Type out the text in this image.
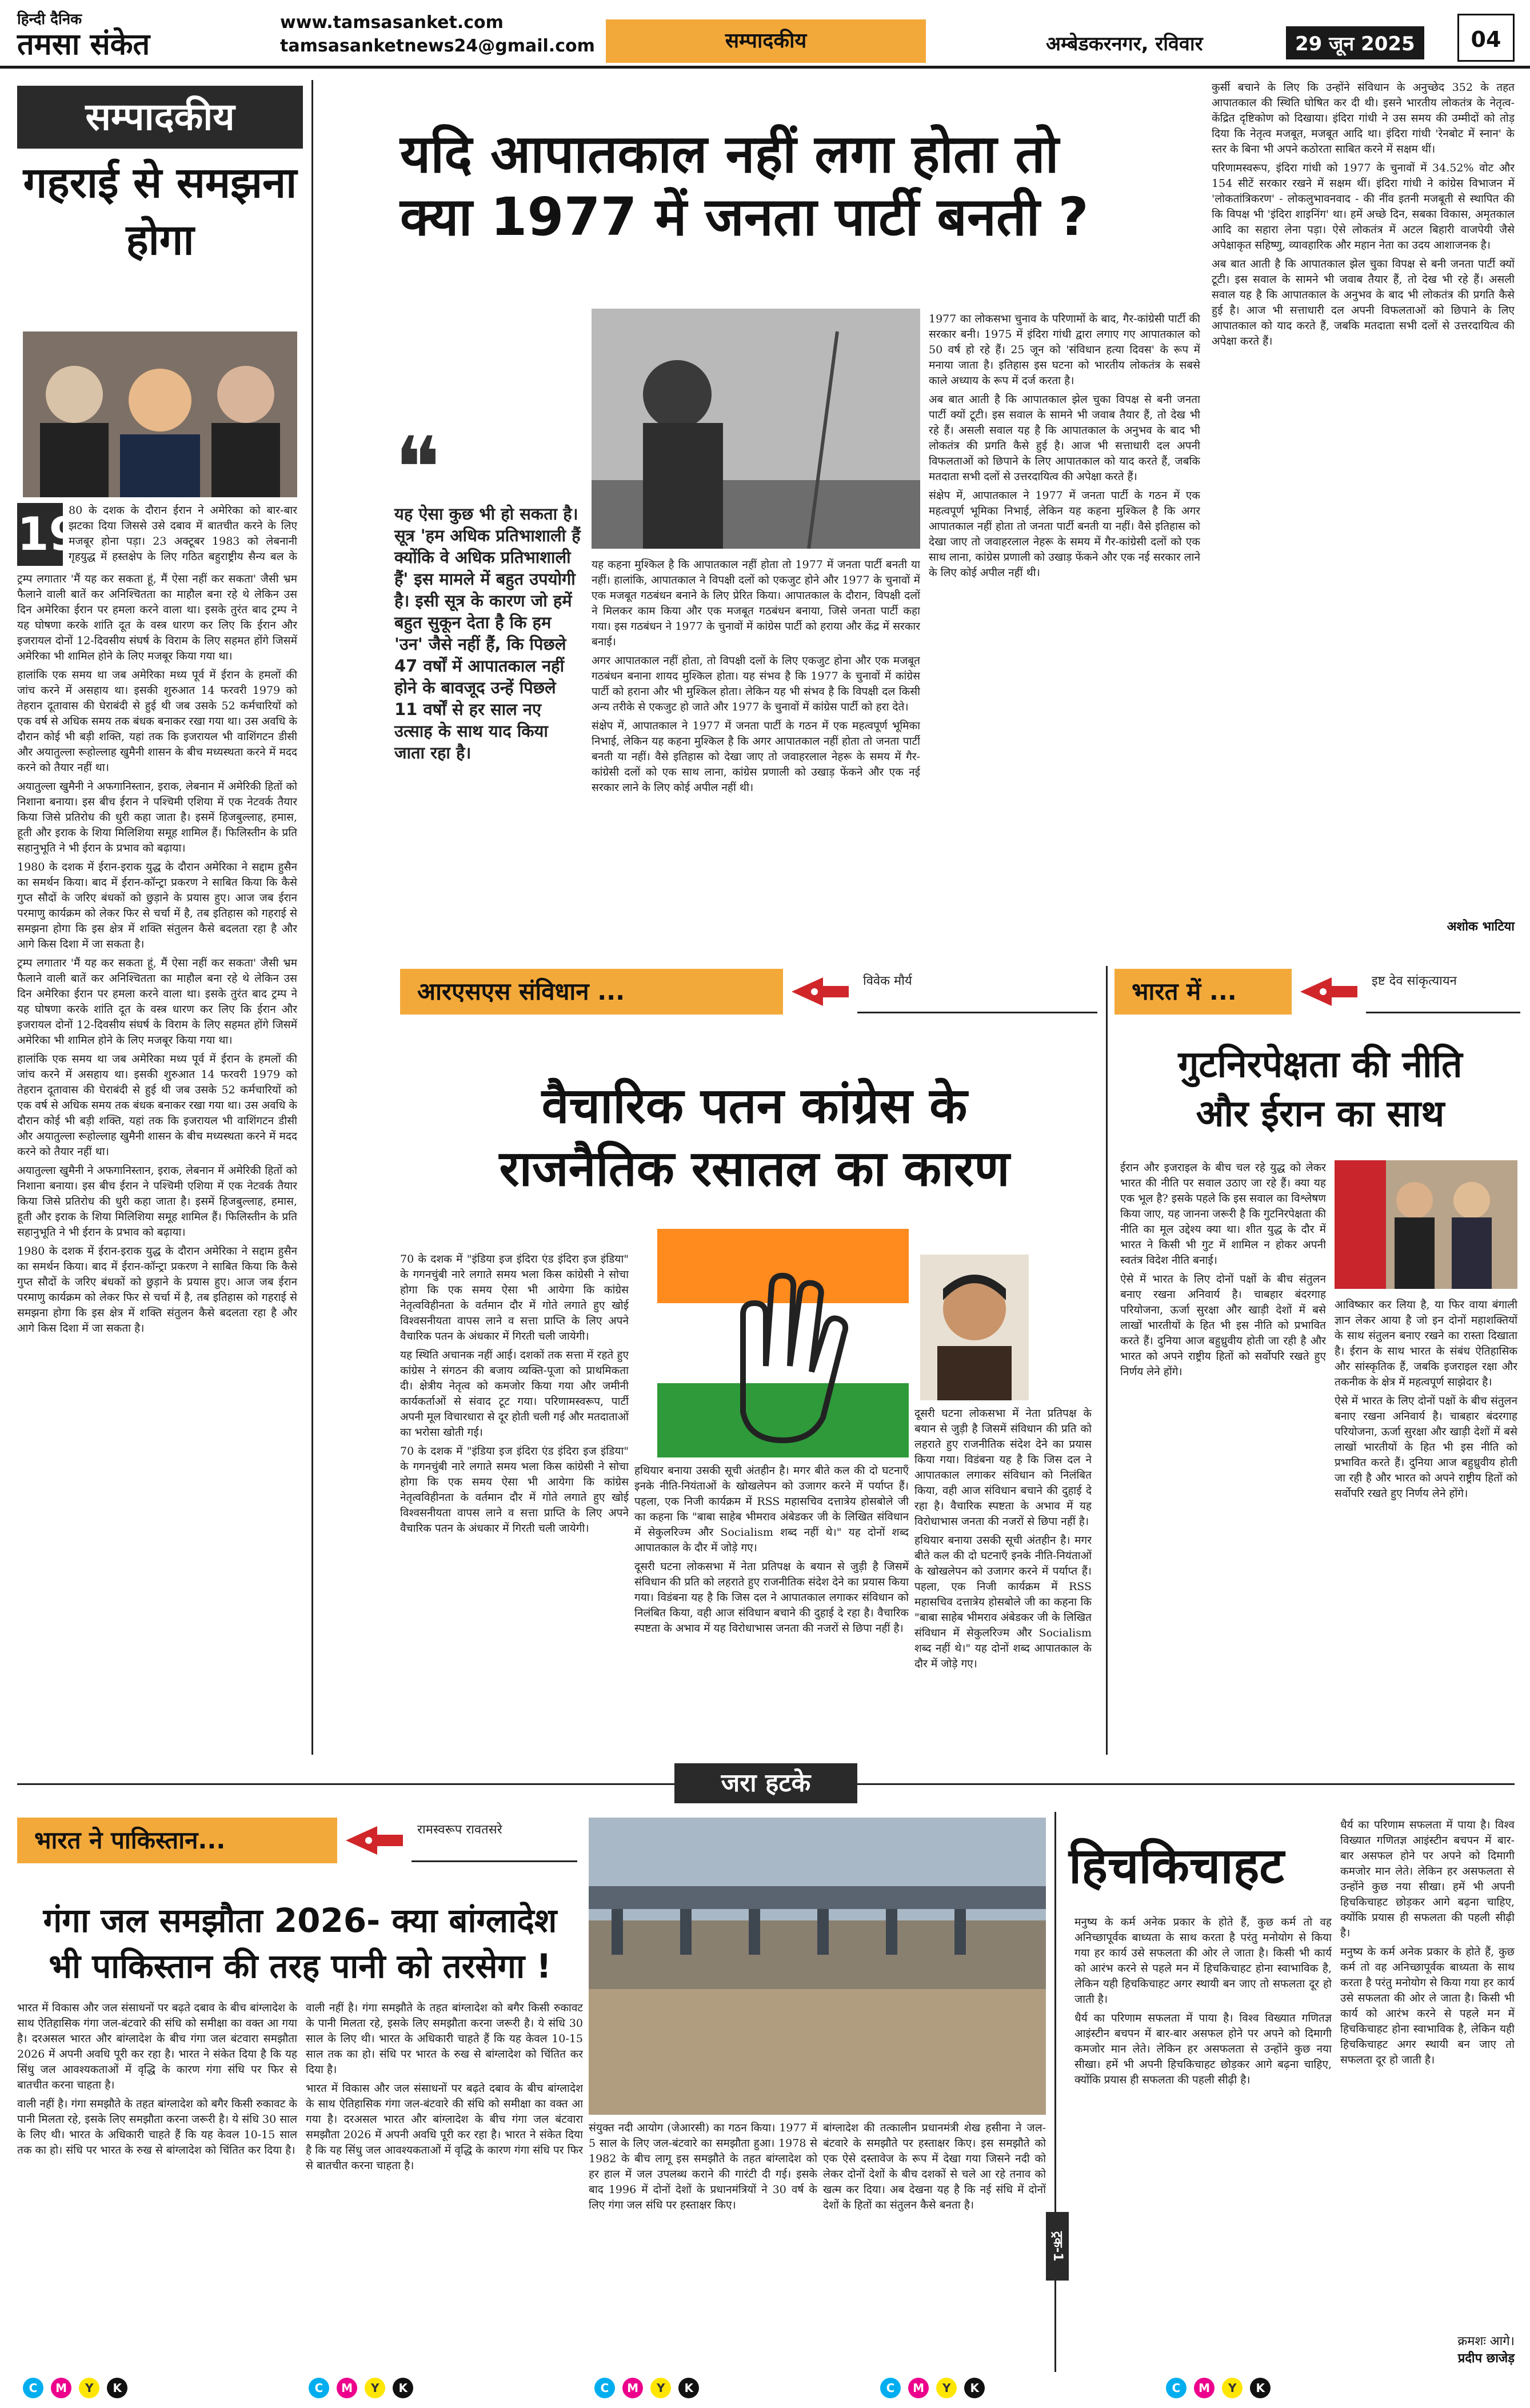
हिन्दी दैनिक
तमसा संकेत
www.tamsasanket.com
tamsasanketnews24@gmail.com	सम्पादकीय	अम्बेडकरनगर, रविवार	29 जून 2025	04
सम्पादकीय
गहराई से समझना होगा
19

80 के दशक के दौरान ईरान ने अमेरिका को बार-बार झटका दिया जिससे उसे दबाव में बातचीत करने के लिए मजबूर होना पड़ा। 23 अक्टूबर 1983 को लेबनानी गृहयुद्ध में हस्तक्षेप के लिए गठित बहुराष्ट्रीय सैन्य बल के

ट्रम्प लगातार 'मैं यह कर सकता हूं, मैं ऐसा नहीं कर सकता' जैसी भ्रम फैलाने वाली बातें कर अनिश्चितता का माहौल बना रहे थे लेकिन उस दिन अमेरिका ईरान पर हमला करने वाला था। इसके तुरंत बाद ट्रम्प ने यह घोषणा करके शांति दूत के वस्त्र धारण कर लिए कि ईरान और इजरायल दोनों 12-दिवसीय संघर्ष के विराम के लिए सहमत होंगे जिसमें अमेरिका भी शामिल होने के लिए मजबूर किया गया था।

हालांकि एक समय था जब अमेरिका मध्य पूर्व में ईरान के हमलों की जांच करने में असहाय था। इसकी शुरुआत 14 फरवरी 1979 को तेहरान दूतावास की घेराबंदी से हुई थी जब उसके 52 कर्मचारियों को एक वर्ष से अधिक समय तक बंधक बनाकर रखा गया था। उस अवधि के दौरान कोई भी बड़ी शक्ति, यहां तक कि इजरायल भी वाशिंगटन डीसी और अयातुल्ला रूहोल्लाह खुमैनी शासन के बीच मध्यस्थता करने में मदद करने को तैयार नहीं था।

अयातुल्ला खुमैनी ने अफगानिस्तान, इराक, लेबनान में अमेरिकी हितों को निशाना बनाया। इस बीच ईरान ने पश्चिमी एशिया में एक नेटवर्क तैयार किया जिसे प्रतिरोध की धुरी कहा जाता है। इसमें हिजबुल्लाह, हमास, हूती और इराक के शिया मिलिशिया समूह शामिल हैं। फिलिस्तीन के प्रति सहानुभूति ने भी ईरान के प्रभाव को बढ़ाया।

1980 के दशक में ईरान-इराक युद्ध के दौरान अमेरिका ने सद्दाम हुसैन का समर्थन किया। बाद में ईरान-कॉन्ट्रा प्रकरण ने साबित किया कि कैसे गुप्त सौदों के जरिए बंधकों को छुड़ाने के प्रयास हुए। आज जब ईरान परमाणु कार्यक्रम को लेकर फिर से चर्चा में है, तब इतिहास को गहराई से समझना होगा कि इस क्षेत्र में शक्ति संतुलन कैसे बदलता रहा है और आगे किस दिशा में जा सकता है।

ट्रम्प लगातार 'मैं यह कर सकता हूं, मैं ऐसा नहीं कर सकता' जैसी भ्रम फैलाने वाली बातें कर अनिश्चितता का माहौल बना रहे थे लेकिन उस दिन अमेरिका ईरान पर हमला करने वाला था। इसके तुरंत बाद ट्रम्प ने यह घोषणा करके शांति दूत के वस्त्र धारण कर लिए कि ईरान और इजरायल दोनों 12-दिवसीय संघर्ष के विराम के लिए सहमत होंगे जिसमें अमेरिका भी शामिल होने के लिए मजबूर किया गया था।

हालांकि एक समय था जब अमेरिका मध्य पूर्व में ईरान के हमलों की जांच करने में असहाय था। इसकी शुरुआत 14 फरवरी 1979 को तेहरान दूतावास की घेराबंदी से हुई थी जब उसके 52 कर्मचारियों को एक वर्ष से अधिक समय तक बंधक बनाकर रखा गया था। उस अवधि के दौरान कोई भी बड़ी शक्ति, यहां तक कि इजरायल भी वाशिंगटन डीसी और अयातुल्ला रूहोल्लाह खुमैनी शासन के बीच मध्यस्थता करने में मदद करने को तैयार नहीं था।

अयातुल्ला खुमैनी ने अफगानिस्तान, इराक, लेबनान में अमेरिकी हितों को निशाना बनाया। इस बीच ईरान ने पश्चिमी एशिया में एक नेटवर्क तैयार किया जिसे प्रतिरोध की धुरी कहा जाता है। इसमें हिजबुल्लाह, हमास, हूती और इराक के शिया मिलिशिया समूह शामिल हैं। फिलिस्तीन के प्रति सहानुभूति ने भी ईरान के प्रभाव को बढ़ाया।

1980 के दशक में ईरान-इराक युद्ध के दौरान अमेरिका ने सद्दाम हुसैन का समर्थन किया। बाद में ईरान-कॉन्ट्रा प्रकरण ने साबित किया कि कैसे गुप्त सौदों के जरिए बंधकों को छुड़ाने के प्रयास हुए। आज जब ईरान परमाणु कार्यक्रम को लेकर फिर से चर्चा में है, तब इतिहास को गहराई से समझना होगा कि इस क्षेत्र में शक्ति संतुलन कैसे बदलता रहा है और आगे किस दिशा में जा सकता है।

यदि आपातकाल नहीं लगा होता तो
क्या 1977 में जनता पार्टी बनती ?
❝
यह ऐसा कुछ भी हो सकता है। सूत्र 'हम अधिक प्रतिभाशाली हैं क्योंकि वे अधिक प्रतिभाशाली हैं' इस मामले में बहुत उपयोगी है। इसी सूत्र के कारण जो हमें बहुत सुकून देता है कि हम 'उन' जैसे नहीं हैं, कि पिछले 47 वर्षों में आपातकाल नहीं होने के बावजूद उन्हें पिछले 11 वर्षों से हर साल नए उत्साह के साथ याद किया जाता रहा है।

यह कहना मुश्किल है कि आपातकाल नहीं होता तो 1977 में जनता पार्टी बनती या नहीं। हालांकि, आपातकाल ने विपक्षी दलों को एकजुट होने और 1977 के चुनावों में एक मजबूत गठबंधन बनाने के लिए प्रेरित किया। आपातकाल के दौरान, विपक्षी दलों ने मिलकर काम किया और एक मजबूत गठबंधन बनाया, जिसे जनता पार्टी कहा गया। इस गठबंधन ने 1977 के चुनावों में कांग्रेस पार्टी को हराया और केंद्र में सरकार बनाई।

अगर आपातकाल नहीं होता, तो विपक्षी दलों के लिए एकजुट होना और एक मजबूत गठबंधन बनाना शायद मुश्किल होता। यह संभव है कि 1977 के चुनावों में कांग्रेस पार्टी को हराना और भी मुश्किल होता। लेकिन यह भी संभव है कि विपक्षी दल किसी अन्य तरीके से एकजुट हो जाते और 1977 के चुनावों में कांग्रेस पार्टी को हरा देते।

संक्षेप में, आपातकाल ने 1977 में जनता पार्टी के गठन में एक महत्वपूर्ण भूमिका निभाई, लेकिन यह कहना मुश्किल है कि अगर आपातकाल नहीं होता तो जनता पार्टी बनती या नहीं। वैसे इतिहास को देखा जाए तो जवाहरलाल नेहरू के समय में गैर-कांग्रेसी दलों को एक साथ लाना, कांग्रेस प्रणाली को उखाड़ फेंकने और एक नई सरकार लाने के लिए कोई अपील नहीं थी।

1977 का लोकसभा चुनाव के परिणामों के बाद, गैर-कांग्रेसी पार्टी की सरकार बनी। 1975 में इंदिरा गांधी द्वारा लगाए गए आपातकाल को 50 वर्ष हो रहे हैं। 25 जून को 'संविधान हत्या दिवस' के रूप में मनाया जाता है। इतिहास इस घटना को भारतीय लोकतंत्र के सबसे काले अध्याय के रूप में दर्ज करता है।

अब बात आती है कि आपातकाल झेल चुका विपक्ष से बनी जनता पार्टी क्यों टूटी। इस सवाल के सामने भी जवाब तैयार हैं, तो देख भी रहे हैं। असली सवाल यह है कि आपातकाल के अनुभव के बाद भी लोकतंत्र की प्रगति कैसे हुई है। आज भी सत्ताधारी दल अपनी विफलताओं को छिपाने के लिए आपातकाल को याद करते हैं, जबकि मतदाता सभी दलों से उत्तरदायित्व की अपेक्षा करते हैं।

संक्षेप में, आपातकाल ने 1977 में जनता पार्टी के गठन में एक महत्वपूर्ण भूमिका निभाई, लेकिन यह कहना मुश्किल है कि अगर आपातकाल नहीं होता तो जनता पार्टी बनती या नहीं। वैसे इतिहास को देखा जाए तो जवाहरलाल नेहरू के समय में गैर-कांग्रेसी दलों को एक साथ लाना, कांग्रेस प्रणाली को उखाड़ फेंकने और एक नई सरकार लाने के लिए कोई अपील नहीं थी।

कुर्सी बचाने के लिए कि उन्होंने संविधान के अनुच्छेद 352 के तहत आपातकाल की स्थिति घोषित कर दी थी। इसने भारतीय लोकतंत्र के नेतृत्व-केंद्रित दृष्टिकोण को दिखाया। इंदिरा गांधी ने उस समय की उम्मीदों को तोड़ दिया कि नेतृत्व मजबूत, मजबूत आदि था। इंदिरा गांधी 'रेनबोट में स्नान' के स्तर के बिना भी अपने कठोरता साबित करने में सक्षम थीं।

परिणामस्वरूप, इंदिरा गांधी को 1977 के चुनावों में 34.52% वोट और 154 सीटें सरकार रखने में सक्षम थीं। इंदिरा गांधी ने कांग्रेस विभाजन में 'लोकतांत्रिकरण' - लोकलुभावनवाद - की नींव इतनी मजबूती से स्थापित की कि विपक्ष भी 'इंदिरा शाइनिंग' था। हमें अच्छे दिन, सबका विकास, अमृतकाल आदि का सहारा लेना पड़ा। ऐसे लोकतंत्र में अटल बिहारी वाजपेयी जैसे अपेक्षाकृत सहिष्णु, व्यावहारिक और महान नेता का उदय आशाजनक है।

अब बात आती है कि आपातकाल झेल चुका विपक्ष से बनी जनता पार्टी क्यों टूटी। इस सवाल के सामने भी जवाब तैयार हैं, तो देख भी रहे हैं। असली सवाल यह है कि आपातकाल के अनुभव के बाद भी लोकतंत्र की प्रगति कैसे हुई है। आज भी सत्ताधारी दल अपनी विफलताओं को छिपाने के लिए आपातकाल को याद करते हैं, जबकि मतदाता सभी दलों से उत्तरदायित्व की अपेक्षा करते हैं।

अशोक भाटिया
आरएसएस संविधान ...	विवेक मौर्य
वैचारिक पतन कांग्रेस के
राजनैतिक रसातल का कारण

70 के दशक में "इंडिया इज इंदिरा एंड इंदिरा इज इंडिया" के गगनचुंबी नारे लगाते समय भला किस कांग्रेसी ने सोचा होगा कि एक समय ऐसा भी आयेगा कि कांग्रेस नेतृत्वविहीनता के वर्तमान दौर में गोते लगाते हुए खोई विश्वसनीयता वापस लाने व सत्ता प्राप्ति के लिए अपने वैचारिक पतन के अंधकार में गिरती चली जायेगी।

यह स्थिति अचानक नहीं आई। दशकों तक सत्ता में रहते हुए कांग्रेस ने संगठन की बजाय व्यक्ति-पूजा को प्राथमिकता दी। क्षेत्रीय नेतृत्व को कमजोर किया गया और जमीनी कार्यकर्ताओं से संवाद टूट गया। परिणामस्वरूप, पार्टी अपनी मूल विचारधारा से दूर होती चली गई और मतदाताओं का भरोसा खोती गई।

70 के दशक में "इंडिया इज इंदिरा एंड इंदिरा इज इंडिया" के गगनचुंबी नारे लगाते समय भला किस कांग्रेसी ने सोचा होगा कि एक समय ऐसा भी आयेगा कि कांग्रेस नेतृत्वविहीनता के वर्तमान दौर में गोते लगाते हुए खोई विश्वसनीयता वापस लाने व सत्ता प्राप्ति के लिए अपने वैचारिक पतन के अंधकार में गिरती चली जायेगी।

हथियार बनाया उसकी सूची अंतहीन है। मगर बीते कल की दो घटनाएँ इनके नीति-नियंताओं के खोखलेपन को उजागर करने में पर्याप्त हैं। पहला, एक निजी कार्यक्रम में RSS महासचिव दत्तात्रेय होसबोले जी का कहना कि "बाबा साहेब भीमराव अंबेडकर जी के लिखित संविधान में सेकुलरिज्म और Socialism शब्द नहीं थे।" यह दोनों शब्द आपातकाल के दौर में जोड़े गए।

दूसरी घटना लोकसभा में नेता प्रतिपक्ष के बयान से जुड़ी है जिसमें संविधान की प्रति को लहराते हुए राजनीतिक संदेश देने का प्रयास किया गया। विडंबना यह है कि जिस दल ने आपातकाल लगाकर संविधान को निलंबित किया, वही आज संविधान बचाने की दुहाई दे रहा है। वैचारिक स्पष्टता के अभाव में यह विरोधाभास जनता की नजरों से छिपा नहीं है।

दूसरी घटना लोकसभा में नेता प्रतिपक्ष के बयान से जुड़ी है जिसमें संविधान की प्रति को लहराते हुए राजनीतिक संदेश देने का प्रयास किया गया। विडंबना यह है कि जिस दल ने आपातकाल लगाकर संविधान को निलंबित किया, वही आज संविधान बचाने की दुहाई दे रहा है। वैचारिक स्पष्टता के अभाव में यह विरोधाभास जनता की नजरों से छिपा नहीं है।

हथियार बनाया उसकी सूची अंतहीन है। मगर बीते कल की दो घटनाएँ इनके नीति-नियंताओं के खोखलेपन को उजागर करने में पर्याप्त हैं। पहला, एक निजी कार्यक्रम में RSS महासचिव दत्तात्रेय होसबोले जी का कहना कि "बाबा साहेब भीमराव अंबेडकर जी के लिखित संविधान में सेकुलरिज्म और Socialism शब्द नहीं थे।" यह दोनों शब्द आपातकाल के दौर में जोड़े गए।

भारत में ...	इष्ट देव सांकृत्यायन
गुटनिरपेक्षता की नीति
और ईरान का साथ

ईरान और इजराइल के बीच चल रहे युद्ध को लेकर भारत की नीति पर सवाल उठाए जा रहे हैं। क्या यह एक भूल है? इसके पहले कि इस सवाल का विश्लेषण किया जाए, यह जानना जरूरी है कि गुटनिरपेक्षता की नीति का मूल उद्देश्य क्या था। शीत युद्ध के दौर में भारत ने किसी भी गुट में शामिल न होकर अपनी स्वतंत्र विदेश नीति बनाई।

ऐसे में भारत के लिए दोनों पक्षों के बीच संतुलन बनाए रखना अनिवार्य है। चाबहार बंदरगाह परियोजना, ऊर्जा सुरक्षा और खाड़ी देशों में बसे लाखों भारतीयों के हित भी इस नीति को प्रभावित करते हैं। दुनिया आज बहुध्रुवीय होती जा रही है और भारत को अपने राष्ट्रीय हितों को सर्वोपरि रखते हुए निर्णय लेने होंगे।

आविष्कार कर लिया है, या फिर वाया बंगाली ज्ञान लेकर आया है जो इन दोनों महाशक्तियों के साथ संतुलन बनाए रखने का रास्ता दिखाता है। ईरान के साथ भारत के संबंध ऐतिहासिक और सांस्कृतिक हैं, जबकि इजराइल रक्षा और तकनीक के क्षेत्र में महत्वपूर्ण साझेदार है।

ऐसे में भारत के लिए दोनों पक्षों के बीच संतुलन बनाए रखना अनिवार्य है। चाबहार बंदरगाह परियोजना, ऊर्जा सुरक्षा और खाड़ी देशों में बसे लाखों भारतीयों के हित भी इस नीति को प्रभावित करते हैं। दुनिया आज बहुध्रुवीय होती जा रही है और भारत को अपने राष्ट्रीय हितों को सर्वोपरि रखते हुए निर्णय लेने होंगे।

जरा हटके
भारत ने पाकिस्तान...	रामस्वरूप रावतसरे
गंगा जल समझौता 2026- क्या बांग्लादेश
भी पाकिस्तान की तरह पानी को तरसेगा !

भारत में विकास और जल संसाधनों पर बढ़ते दबाव के बीच बांग्लादेश के साथ ऐतिहासिक गंगा जल-बंटवारे की संधि को समीक्षा का वक्त आ गया है। दरअसल भारत और बांग्लादेश के बीच गंगा जल बंटवारा समझौता 2026 में अपनी अवधि पूरी कर रहा है। भारत ने संकेत दिया है कि यह सिंधु जल आवश्यकताओं में वृद्धि के कारण गंगा संधि पर फिर से बातचीत करना चाहता है।

वाली नहीं है। गंगा समझौते के तहत बांग्लादेश को बगैर किसी रुकावट के पानी मिलता रहे, इसके लिए समझौता करना जरूरी है। ये संधि 30 साल के लिए थी। भारत के अधिकारी चाहते हैं कि यह केवल 10-15 साल तक का हो। संधि पर भारत के रुख से बांग्लादेश को चिंतित कर दिया है।

वाली नहीं है। गंगा समझौते के तहत बांग्लादेश को बगैर किसी रुकावट के पानी मिलता रहे, इसके लिए समझौता करना जरूरी है। ये संधि 30 साल के लिए थी। भारत के अधिकारी चाहते हैं कि यह केवल 10-15 साल तक का हो। संधि पर भारत के रुख से बांग्लादेश को चिंतित कर दिया है।

भारत में विकास और जल संसाधनों पर बढ़ते दबाव के बीच बांग्लादेश के साथ ऐतिहासिक गंगा जल-बंटवारे की संधि को समीक्षा का वक्त आ गया है। दरअसल भारत और बांग्लादेश के बीच गंगा जल बंटवारा समझौता 2026 में अपनी अवधि पूरी कर रहा है। भारत ने संकेत दिया है कि यह सिंधु जल आवश्यकताओं में वृद्धि के कारण गंगा संधि पर फिर से बातचीत करना चाहता है।

संयुक्त नदी आयोग (जेआरसी) का गठन किया। 1977 में 5 साल के लिए जल-बंटवारे का समझौता हुआ। 1978 से 1982 के बीच लागू इस समझौते के तहत बांग्लादेश को हर हाल में जल उपलब्ध कराने की गारंटी दी गई। इसके बाद 1996 में दोनों देशों के प्रधानमंत्रियों ने 30 वर्ष के लिए गंगा जल संधि पर हस्ताक्षर किए।

बांग्लादेश की तत्कालीन प्रधानमंत्री शेख हसीना ने जल-बंटवारे के समझौते पर हस्ताक्षर किए। इस समझौते को एक ऐसे दस्तावेज के रूप में देखा गया जिसने नदी को लेकर दोनों देशों के बीच दशकों से चले आ रहे तनाव को खत्म कर दिया। अब देखना यह है कि नई संधि में दोनों देशों के हितों का संतुलन कैसे बनता है।

हिचकिचाहट
ट्रक-1

मनुष्य के कर्म अनेक प्रकार के होते हैं, कुछ कर्म तो वह अनिच्छापूर्वक बाध्यता के साथ करता है परंतु मनोयोग से किया गया हर कार्य उसे सफलता की ओर ले जाता है। किसी भी कार्य को आरंभ करने से पहले मन में हिचकिचाहट होना स्वाभाविक है, लेकिन यही हिचकिचाहट अगर स्थायी बन जाए तो सफलता दूर हो जाती है।

धैर्य का परिणाम सफलता में पाया है। विश्व विख्यात गणितज्ञ आइंस्टीन बचपन में बार-बार असफल होने पर अपने को दिमागी कमजोर मान लेते। लेकिन हर असफलता से उन्होंने कुछ नया सीखा। हमें भी अपनी हिचकिचाहट छोड़कर आगे बढ़ना चाहिए, क्योंकि प्रयास ही सफलता की पहली सीढ़ी है।

धैर्य का परिणाम सफलता में पाया है। विश्व विख्यात गणितज्ञ आइंस्टीन बचपन में बार-बार असफल होने पर अपने को दिमागी कमजोर मान लेते। लेकिन हर असफलता से उन्होंने कुछ नया सीखा। हमें भी अपनी हिचकिचाहट छोड़कर आगे बढ़ना चाहिए, क्योंकि प्रयास ही सफलता की पहली सीढ़ी है।

मनुष्य के कर्म अनेक प्रकार के होते हैं, कुछ कर्म तो वह अनिच्छापूर्वक बाध्यता के साथ करता है परंतु मनोयोग से किया गया हर कार्य उसे सफलता की ओर ले जाता है। किसी भी कार्य को आरंभ करने से पहले मन में हिचकिचाहट होना स्वाभाविक है, लेकिन यही हिचकिचाहट अगर स्थायी बन जाए तो सफलता दूर हो जाती है।

क्रमशः आगे।
प्रदीप छाजेड़
C M Y K	C M Y K	C M Y K	C M Y K	C M Y K
